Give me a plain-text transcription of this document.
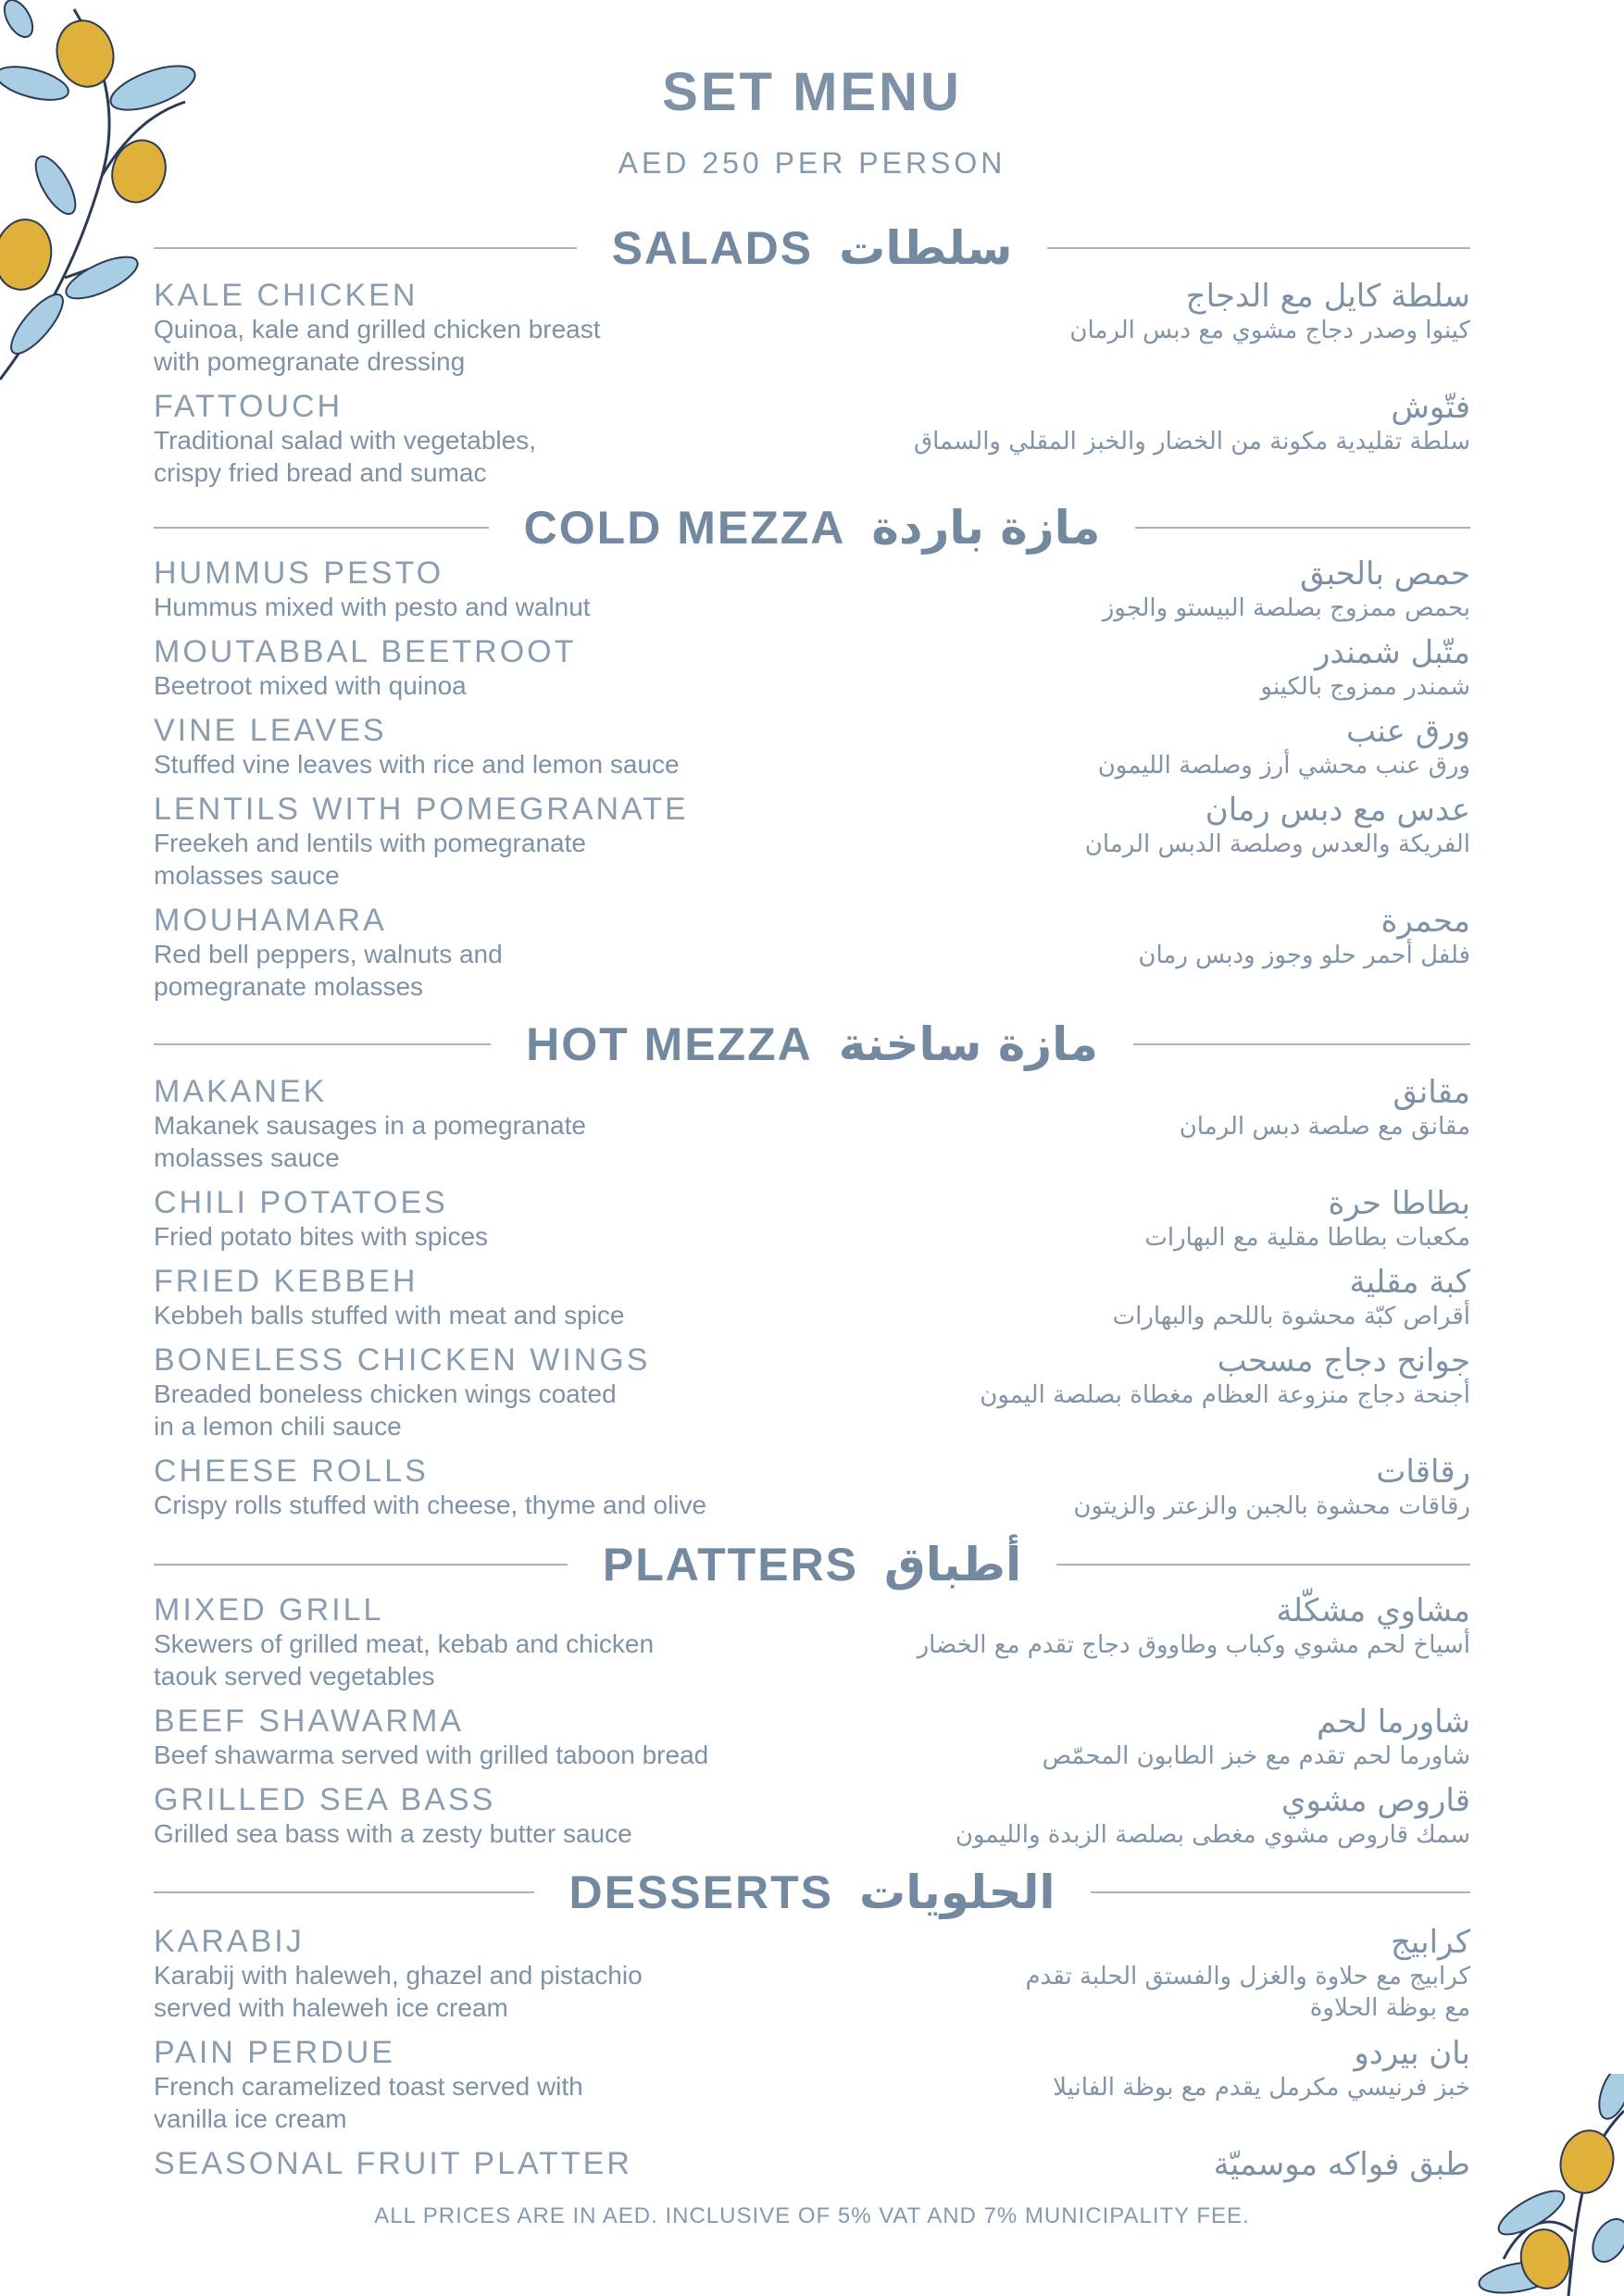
SET MENU
AED 250 PER PERSON
SALADS سلطات
KALE CHICKEN
Quinoa, kale and grilled chicken breast
with pomegranate dressing
سلطة كايل مع الدجاج
كينوا وصدر دجاج مشوي مع دبس الرمان
FATTOUCH
Traditional salad with vegetables,
crispy fried bread and sumac
فتّوش
سلطة تقليدية مكونة من الخضار والخبز المقلي والسماق
COLD MEZZA مازة باردة
HUMMUS PESTO
Hummus mixed with pesto and walnut
حمص بالحبق
بحمص ممزوج بصلصة البيستو والجوز
MOUTABBAL BEETROOT
Beetroot mixed with quinoa
متّبل شمندر
شمندر ممزوج بالكينو
VINE LEAVES
Stuffed vine leaves with rice and lemon sauce
ورق عنب
ورق عنب محشي أرز وصلصة الليمون
LENTILS WITH POMEGRANATE
Freekeh and lentils with pomegranate
molasses sauce
عدس مع دبس رمان
الفريكة والعدس وصلصة الدبس الرمان
MOUHAMARA
Red bell peppers, walnuts and
pomegranate molasses
محمرة
فلفل أحمر حلو وجوز ودبس رمان
HOT MEZZA مازة ساخنة
MAKANEK
Makanek sausages in a pomegranate
molasses sauce
مقانق
مقانق مع صلصة دبس الرمان
CHILI POTATOES
Fried potato bites with spices
بطاطا حرة
مكعبات بطاطا مقلية مع البهارات
FRIED KEBBEH
Kebbeh balls stuffed with meat and spice
كبة مقلية
أقراص كبّة محشوة باللحم والبهارات
BONELESS CHICKEN WINGS
Breaded boneless chicken wings coated
in a lemon chili sauce
جوانح دجاج مسحب
أجنحة دجاج منزوعة العظام مغطاة بصلصة اليمون
CHEESE ROLLS
Crispy rolls stuffed with cheese, thyme and olive
رقاقات
رقاقات محشوة بالجبن والزعتر والزيتون
PLATTERS أطباق
MIXED GRILL
Skewers of grilled meat, kebab and chicken
taouk served vegetables
مشاوي مشكّلة
أسياخ لحم مشوي وكباب وطاووق دجاج تقدم مع الخضار
BEEF SHAWARMA
Beef shawarma served with grilled taboon bread
شاورما لحم
شاورما لحم تقدم مع خبز الطابون المحمّص
GRILLED SEA BASS
Grilled sea bass with a zesty butter sauce
قاروص مشوي
سمك قاروص مشوي مغطى بصلصة الزبدة والليمون
DESSERTS الحلويات
KARABIJ
Karabij with haleweh, ghazel and pistachio
served with haleweh ice cream
كرابيج
كرابيج مع حلاوة والغزل والفستق الحلبة تقدم
مع بوظة الحلاوة
PAIN PERDUE
French caramelized toast served with
vanilla ice cream
بان بيردو
خبز فرنيسي مكرمل يقدم مع بوظة الفانيلا
SEASONAL FRUIT PLATTER	طبق فواكه موسميّة
ALL PRICES ARE IN AED. INCLUSIVE OF 5% VAT AND 7% MUNICIPALITY FEE.
